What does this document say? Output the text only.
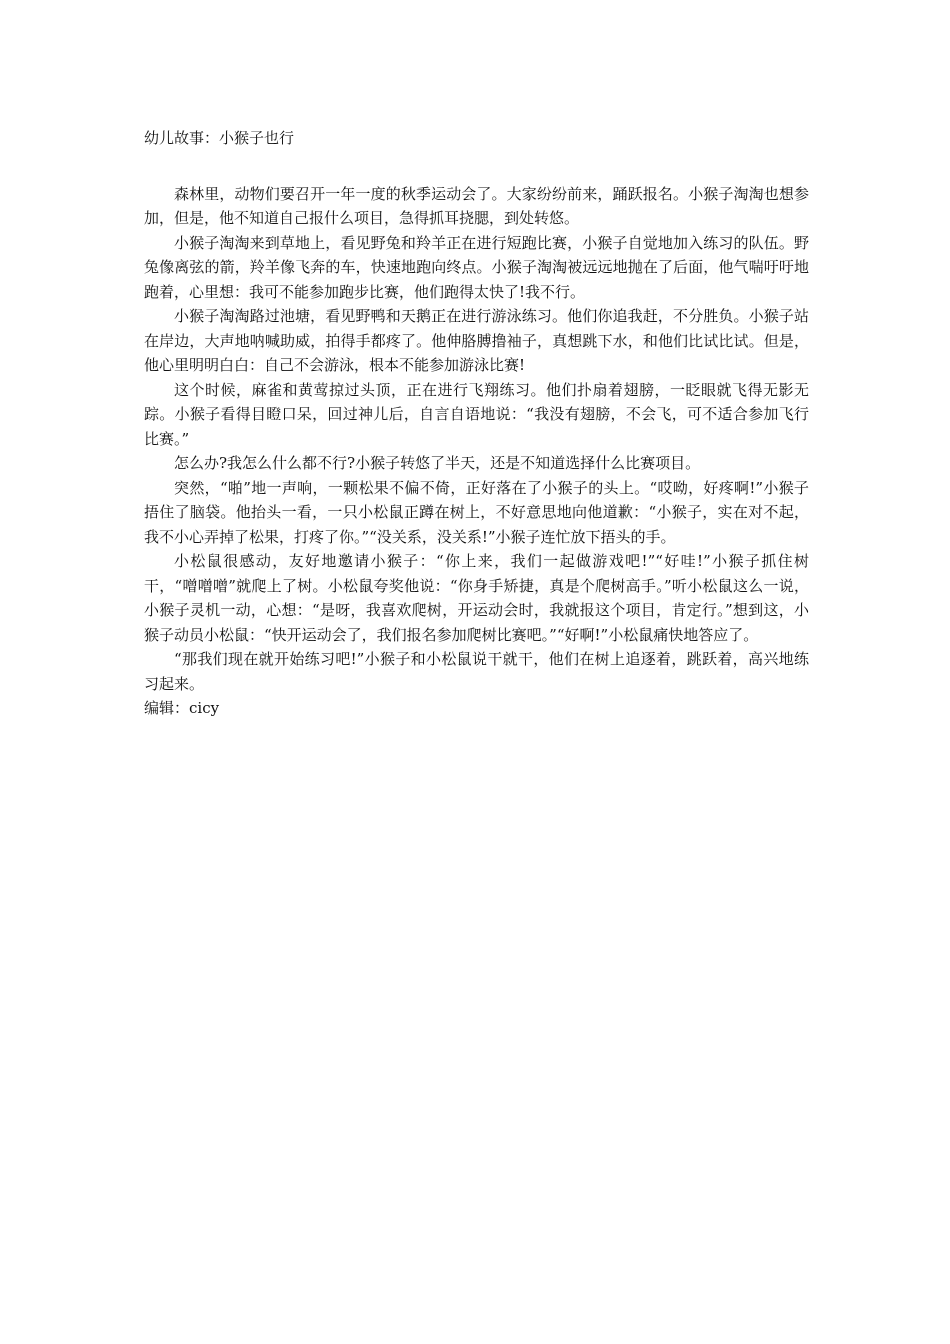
幼儿故事：小猴子也行

森林里，动物们要召开一年一度的秋季运动会了。大家纷纷前来，踊跃报名。小猴子淘淘也想参加，但是，他不知道自己报什么项目，急得抓耳挠腮，到处转悠。

小猴子淘淘来到草地上，看见野兔和羚羊正在进行短跑比赛，小猴子自觉地加入练习的队伍。野兔像离弦的箭，羚羊像飞奔的车，快速地跑向终点。小猴子淘淘被远远地抛在了后面，他气喘吁吁地跑着，心里想：我可不能参加跑步比赛，他们跑得太快了!我不行。

小猴子淘淘路过池塘，看见野鸭和天鹅正在进行游泳练习。他们你追我赶，不分胜负。小猴子站在岸边，大声地呐喊助威，拍得手都疼了。他伸胳膊撸袖子，真想跳下水，和他们比试比试。但是，他心里明明白白：自己不会游泳，根本不能参加游泳比赛!

这个时候，麻雀和黄莺掠过头顶，正在进行飞翔练习。他们扑扇着翅膀，一眨眼就飞得无影无踪。小猴子看得目瞪口呆，回过神儿后，自言自语地说：“我没有翅膀，不会飞，可不适合参加飞行比赛。”

怎么办?我怎么什么都不行?小猴子转悠了半天，还是不知道选择什么比赛项目。

突然，“啪”地一声响，一颗松果不偏不倚，正好落在了小猴子的头上。“哎呦，好疼啊!”小猴子捂住了脑袋。他抬头一看，一只小松鼠正蹲在树上，不好意思地向他道歉：“小猴子，实在对不起，我不小心弄掉了松果，打疼了你。”“没关系，没关系!”小猴子连忙放下捂头的手。

小松鼠很感动，友好地邀请小猴子：“你上来，我们一起做游戏吧!”“好哇!”小猴子抓住树干，“噌噌噌”就爬上了树。小松鼠夸奖他说：“你身手矫捷，真是个爬树高手。”听小松鼠这么一说，小猴子灵机一动，心想：“是呀，我喜欢爬树，开运动会时，我就报这个项目，肯定行。”想到这，小猴子动员小松鼠：“快开运动会了，我们报名参加爬树比赛吧。”“好啊!”小松鼠痛快地答应了。

“那我们现在就开始练习吧!”小猴子和小松鼠说干就干，他们在树上追逐着，跳跃着，高兴地练习起来。

编辑：cicy
